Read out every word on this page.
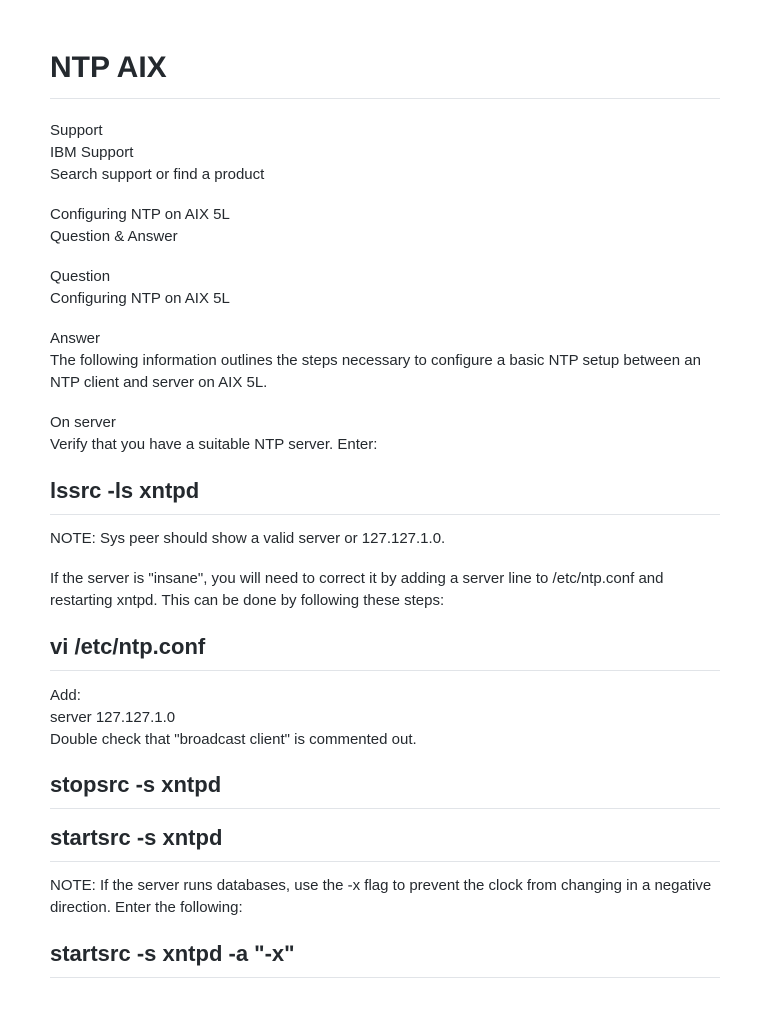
NTP AIX
Support
IBM Support
Search support or find a product
Configuring NTP on AIX 5L
Question & Answer
Question
Configuring NTP on AIX 5L
Answer
The following information outlines the steps necessary to configure a basic NTP setup between an NTP client and server on AIX 5L.
On server
Verify that you have a suitable NTP server. Enter:
lssrc -ls xntpd

NOTE: Sys peer should show a valid server or 127.127.1.0.

If the server is "insane", you will need to correct it by adding a server line to /etc/ntp.conf and restarting xntpd. This can be done by following these steps:

vi /etc/ntp.conf
Add:
server 127.127.1.0
Double check that "broadcast client" is commented out.
stopsrc -s xntpd
startsrc -s xntpd

NOTE: If the server runs databases, use the -x flag to prevent the clock from changing in a negative direction. Enter the following:

startsrc -s xntpd -a "-x"
